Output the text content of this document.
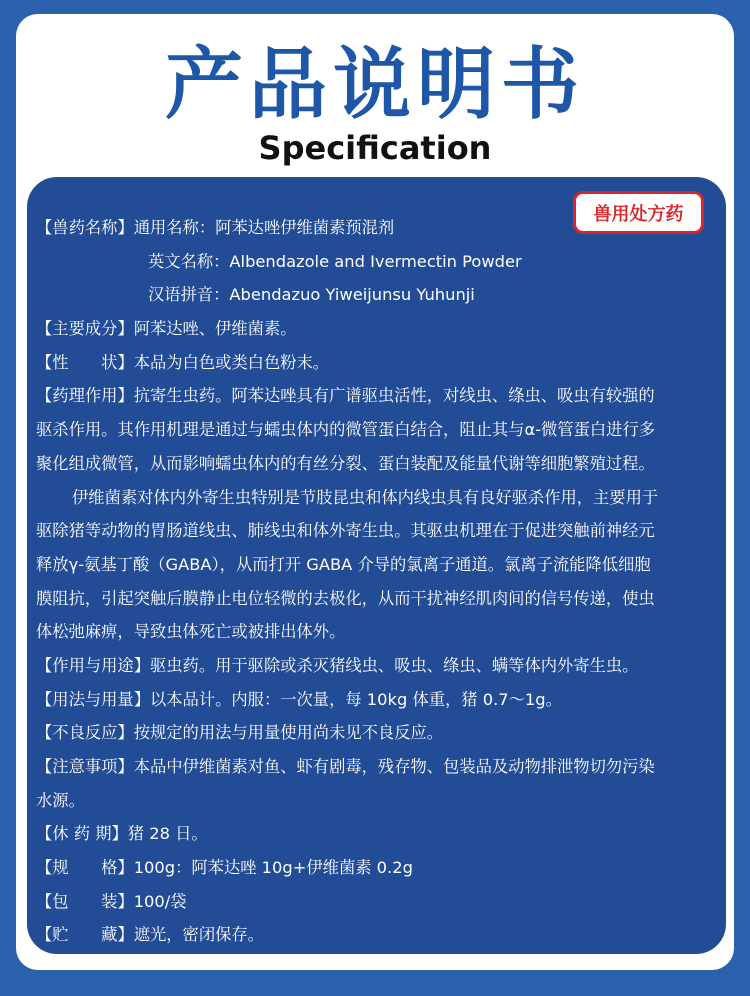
产品说明书
Specification
兽用处方药
【兽药名称】通用名称：阿苯达唑伊维菌素预混剂
英文名称：Albendazole and Ivermectin Powder
汉语拼音：Abendazuo Yiweijunsu Yuhunji
【主要成分】阿苯达唑、伊维菌素。
【性　　状】本品为白色或类白色粉末。
【药理作用】抗寄生虫药。阿苯达唑具有广谱驱虫活性，对线虫、绦虫、吸虫有较强的
驱杀作用。其作用机理是通过与蠕虫体内的微管蛋白结合，阻止其与α-微管蛋白进行多
聚化组成微管，从而影响蠕虫体内的有丝分裂、蛋白装配及能量代谢等细胞繁殖过程。
伊维菌素对体内外寄生虫特别是节肢昆虫和体内线虫具有良好驱杀作用，主要用于
驱除猪等动物的胃肠道线虫、肺线虫和体外寄生虫。其驱虫机理在于促进突触前神经元
释放γ-氨基丁酸（GABA），从而打开 GABA 介导的氯离子通道。氯离子流能降低细胞
膜阻抗，引起突触后膜静止电位轻微的去极化，从而干扰神经肌肉间的信号传递，使虫
体松弛麻痹，导致虫体死亡或被排出体外。
【作用与用途】驱虫药。用于驱除或杀灭猪线虫、吸虫、绦虫、螨等体内外寄生虫。
【用法与用量】以本品计。内服：一次量，每 10kg 体重，猪 0.7～1g。
【不良反应】按规定的用法与用量使用尚未见不良反应。
【注意事项】本品中伊维菌素对鱼、虾有剧毒，残存物、包装品及动物排泄物切勿污染
水源。
【休 药 期】猪 28 日。
【规　　格】100g：阿苯达唑 10g+伊维菌素 0.2g
【包　　装】100/袋
【贮　　藏】遮光，密闭保存。
